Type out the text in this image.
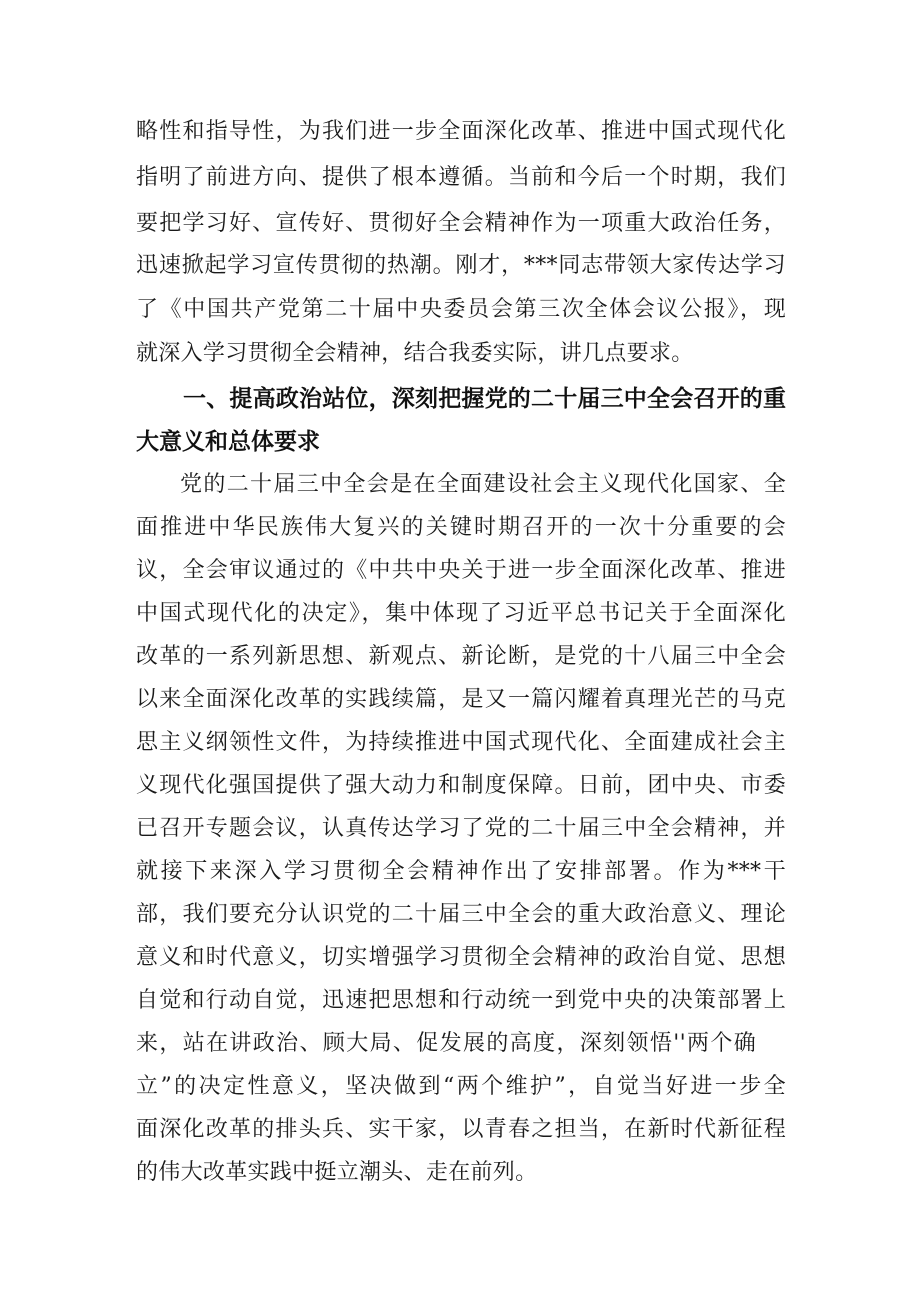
略性和指导性，为我们进一步全面深化改革、推进中国式现代化
指明了前进方向、提供了根本遵循。当前和今后一个时期，我们
要把学习好、宣传好、贯彻好全会精神作为一项重大政治任务，
迅速掀起学习宣传贯彻的热潮。刚才，***同志带领大家传达学习
了《中国共产党第二十届中央委员会第三次全体会议公报》，现
就深入学习贯彻全会精神，结合我委实际，讲几点要求。
一、提高政治站位，深刻把握党的二十届三中全会召开的重
大意义和总体要求
党的二十届三中全会是在全面建设社会主义现代化国家、全
面推进中华民族伟大复兴的关键时期召开的一次十分重要的会
议，全会审议通过的《中共中央关于进一步全面深化改革、推进
中国式现代化的决定》，集中体现了习近平总书记关于全面深化
改革的一系列新思想、新观点、新论断，是党的十八届三中全会
以来全面深化改革的实践续篇，是又一篇闪耀着真理光芒的马克
思主义纲领性文件，为持续推进中国式现代化、全面建成社会主
义现代化强国提供了强大动力和制度保障。日前，团中央、市委
已召开专题会议，认真传达学习了党的二十届三中全会精神，并
就接下来深入学习贯彻全会精神作出了安排部署。作为***干
部，我们要充分认识党的二十届三中全会的重大政治意义、理论
意义和时代意义，切实增强学习贯彻全会精神的政治自觉、思想
自觉和行动自觉，迅速把思想和行动统一到党中央的决策部署上
来，站在讲政治、顾大局、促发展的高度，深刻领悟''两个确
立”的决定性意义，坚决做到“两个维护”，自觉当好进一步全
面深化改革的排头兵、实干家，以青春之担当，在新时代新征程
的伟大改革实践中挺立潮头、走在前列。
